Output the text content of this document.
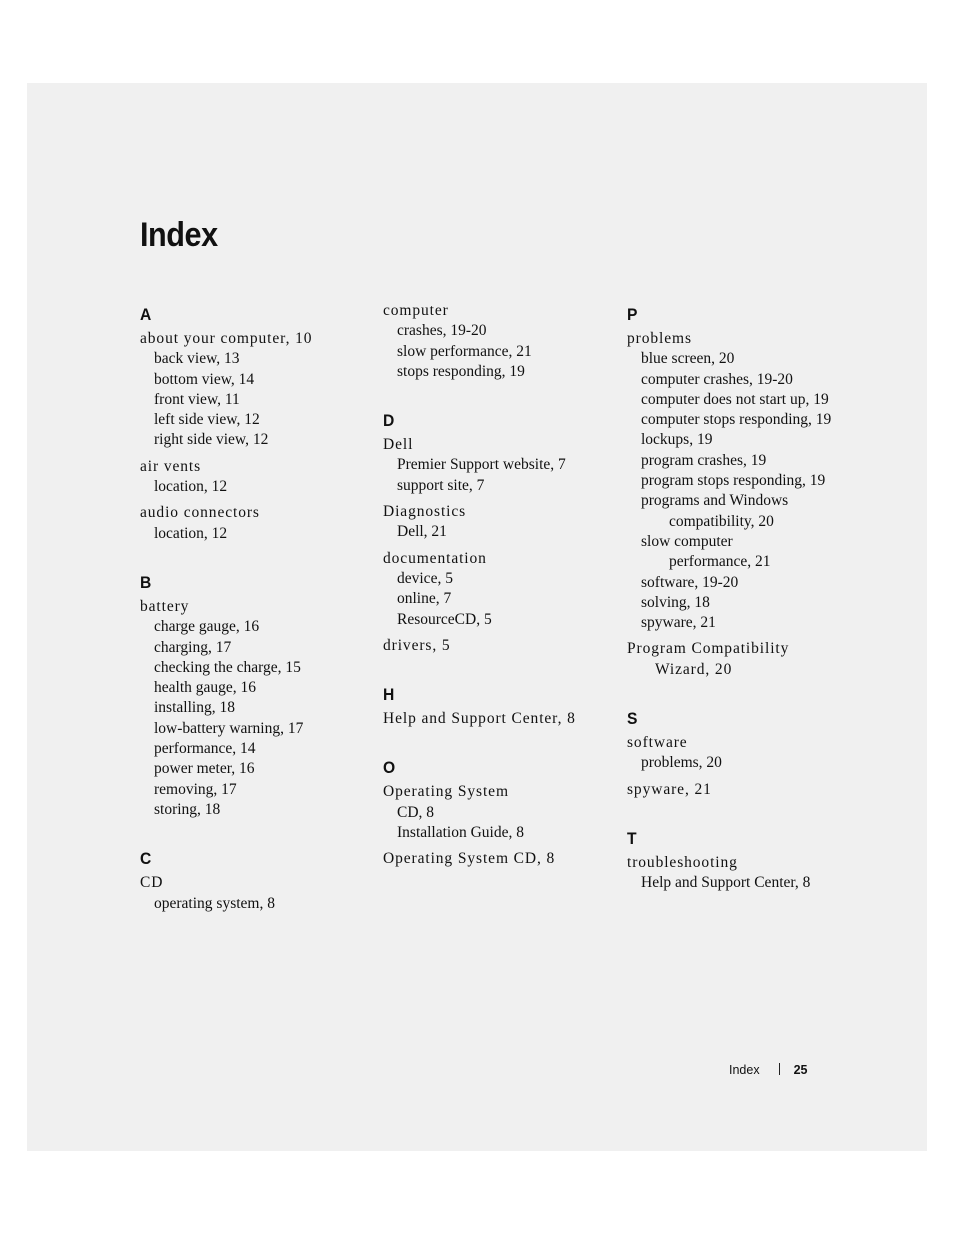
Index
A
about your computer, 10
back view, 13
bottom view, 14
front view, 11
left side view, 12
right side view, 12
air vents
location, 12
audio connectors
location, 12
B
battery
charge gauge, 16
charging, 17
checking the charge, 15
health gauge, 16
installing, 18
low-battery warning, 17
performance, 14
power meter, 16
removing, 17
storing, 18
C
CD
operating system, 8
computer
crashes, 19-20
slow performance, 21
stops responding, 19
D
Dell
Premier Support website, 7
support site, 7
Diagnostics
Dell, 21
documentation
device, 5
online, 7
ResourceCD, 5
drivers, 5
H
Help and Support Center, 8
O
Operating System
CD, 8
Installation Guide, 8
Operating System CD, 8
P
problems
blue screen, 20
computer crashes, 19-20
computer does not start up, 19
computer stops responding, 19
lockups, 19
program crashes, 19
program stops responding, 19
programs and Windows
compatibility, 20
slow computer
performance, 21
software, 19-20
solving, 18
spyware, 21
Program Compatibility
Wizard, 20
S
software
problems, 20
spyware, 21
T
troubleshooting
Help and Support Center, 8
Index	25
